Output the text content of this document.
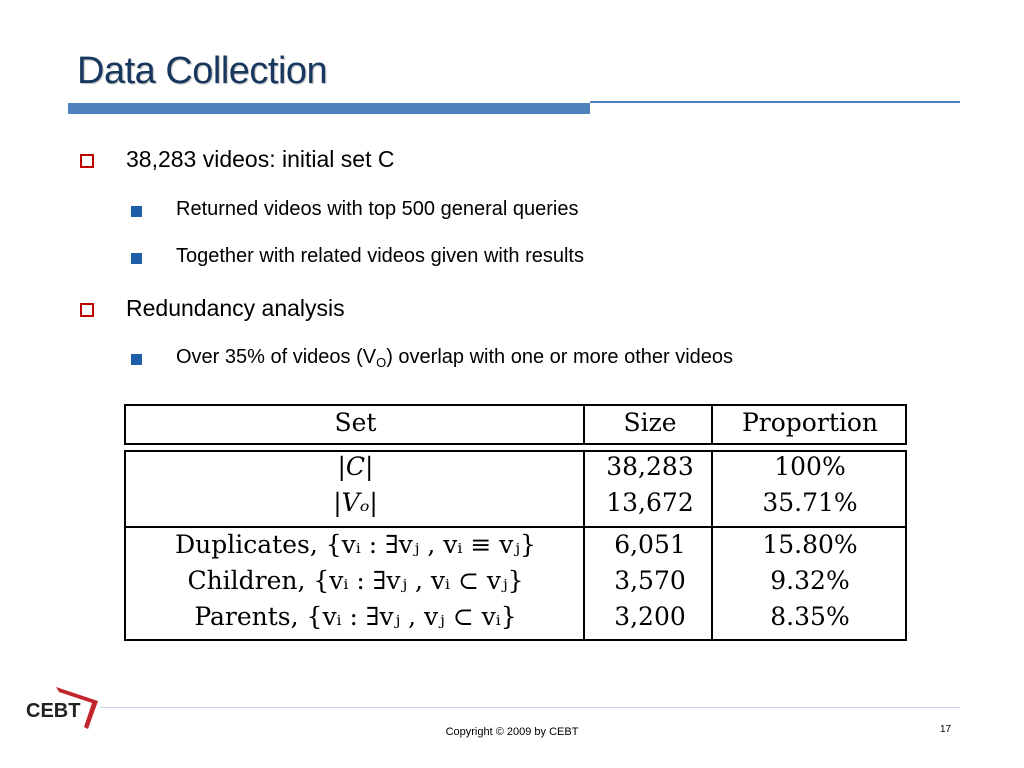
Data Collection
38,283 videos: initial set C
Returned videos with top 500 general queries
Together with related videos given with results
Redundancy analysis
Over 35% of videos $(V_O)$ overlap with one or more other videos
Set	Size	Proportion
|C|	38,283	100%
|Vₒ|	13,672	35.71%
Duplicates, {vᵢ : ∃vⱼ , vᵢ ≡ vⱼ}	6,051	15.80%
Children, {vᵢ : ∃vⱼ , vᵢ ⊂ vⱼ}	3,570	9.32%
Parents, {vᵢ : ∃vⱼ , vⱼ ⊂ vᵢ}	3,200	8.35%
CEBT
Copyright © 2009 by CEBT	17
